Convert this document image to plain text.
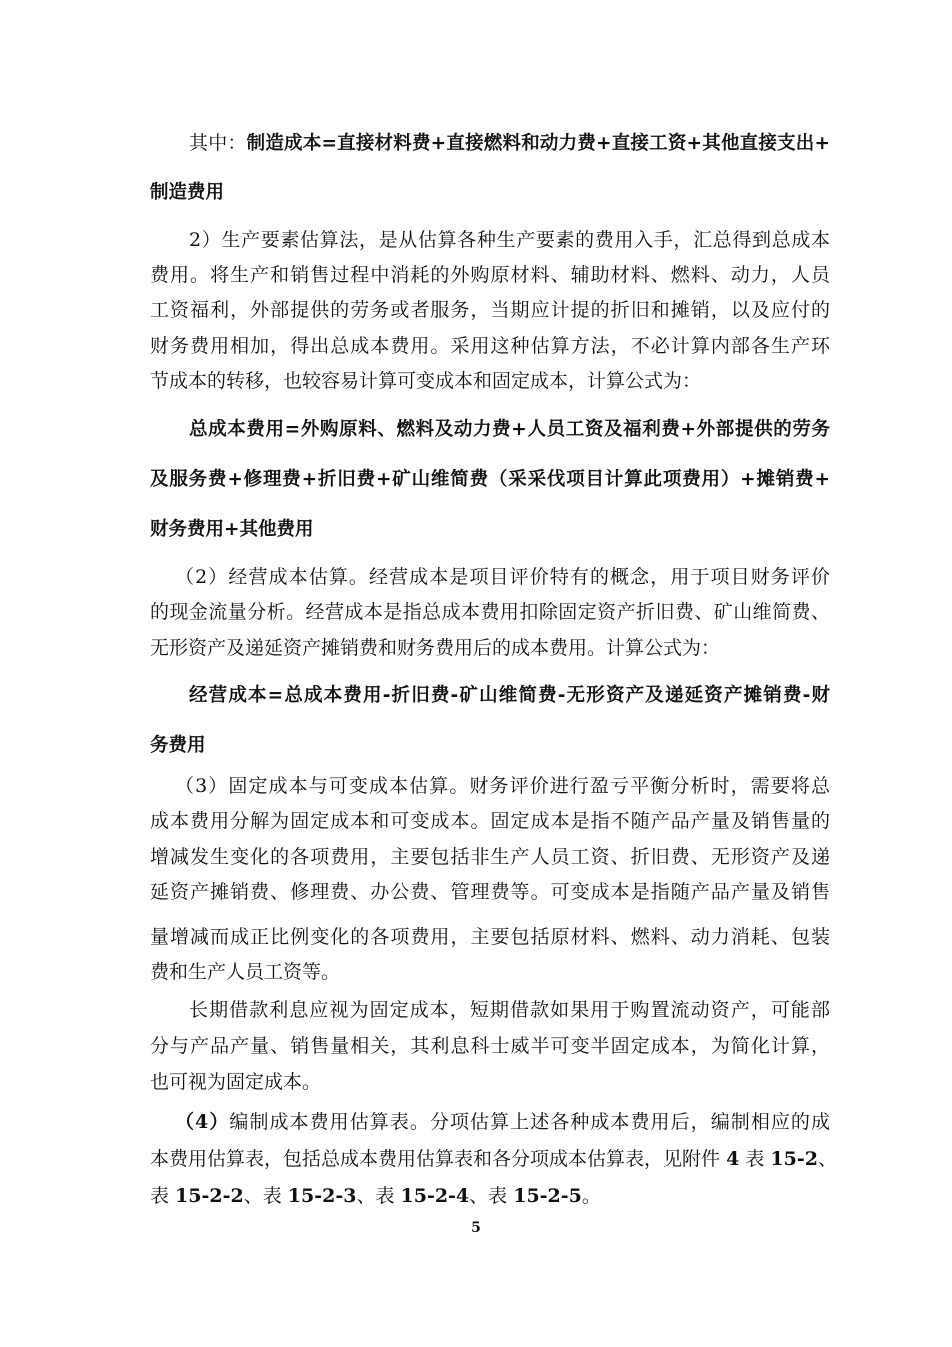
其中：制造成本=直接材料费+直接燃料和动力费+直接工资+其他直接支出+
制造费用
2）生产要素估算法，是从估算各种生产要素的费用入手，汇总得到总成本
费用。将生产和销售过程中消耗的外购原材料、辅助材料、燃料、动力，人员
工资福利，外部提供的劳务或者服务，当期应计提的折旧和摊销，以及应付的
财务费用相加，得出总成本费用。采用这种估算方法，不必计算内部各生产环
节成本的转移，也较容易计算可变成本和固定成本，计算公式为：
总成本费用=外购原料、燃料及动力费+人员工资及福利费+外部提供的劳务
及服务费+修理费+折旧费+矿山维简费（采采伐项目计算此项费用）+摊销费+
财务费用+其他费用
（2）经营成本估算。经营成本是项目评价特有的概念，用于项目财务评价
的现金流量分析。经营成本是指总成本费用扣除固定资产折旧费、矿山维简费、
无形资产及递延资产摊销费和财务费用后的成本费用。计算公式为：
经营成本=总成本费用-折旧费-矿山维简费-无形资产及递延资产摊销费-财
务费用
（3）固定成本与可变成本估算。财务评价进行盈亏平衡分析时，需要将总
成本费用分解为固定成本和可变成本。固定成本是指不随产品产量及销售量的
增减发生变化的各项费用，主要包括非生产人员工资、折旧费、无形资产及递
延资产摊销费、修理费、办公费、管理费等。可变成本是指随产品产量及销售
量增减而成正比例变化的各项费用，主要包括原材料、燃料、动力消耗、包装
费和生产人员工资等。
长期借款利息应视为固定成本，短期借款如果用于购置流动资产，可能部
分与产品产量、销售量相关，其利息科士威半可变半固定成本，为简化计算，
也可视为固定成本。
（4）编制成本费用估算表。分项估算上述各种成本费用后，编制相应的成
本费用估算表，包括总成本费用估算表和各分项成本估算表，见附件 4 表 15-2、
表 15-2-2、表 15-2-3、表 15-2-4、表 15-2-5。
5
